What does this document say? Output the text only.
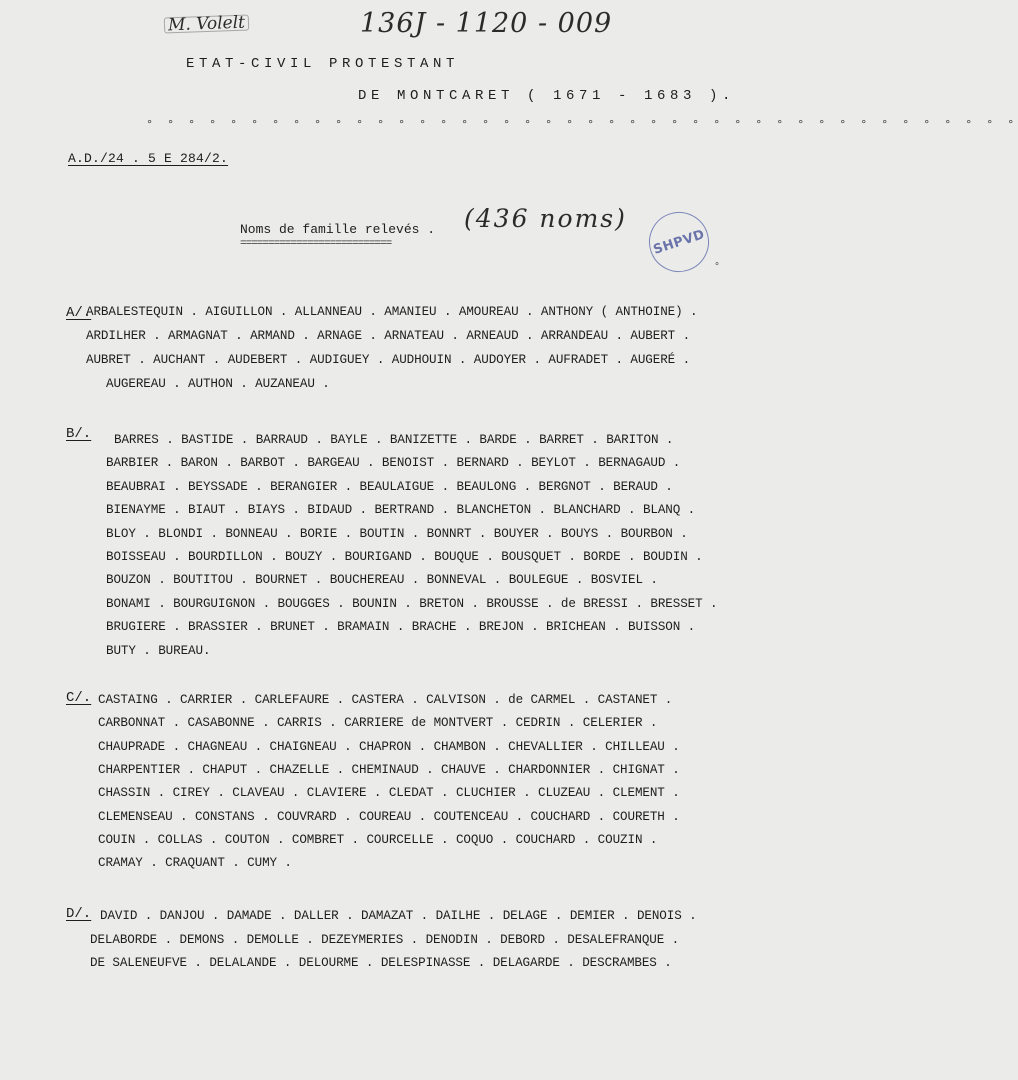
M. Volelt	136J - 1120 - 009
ETAT-CIVIL PROTESTANT
DE MONTCARET ( 1671 - 1683 ).
° ° ° ° ° ° ° ° ° ° ° ° ° ° ° ° ° ° ° ° ° ° ° ° ° ° ° ° ° ° ° ° ° ° ° ° ° ° ° ° ° °
A.D./24 . 5 E 284/2.
Noms de famille relevés .
===========================
(436 noms)
SHPVD
°
A/.
ARBALESTEQUIN . AIGUILLON . ALLANNEAU . AMANIEU . AMOUREAU . ANTHONY ( ANTHOINE) .
ARDILHER . ARMAGNAT . ARMAND . ARNAGE . ARNATEAU . ARNEAUD . ARRANDEAU . AUBERT .
AUBRET . AUCHANT . AUDEBERT . AUDIGUEY . AUDHOUIN . AUDOYER . AUFRADET . AUGERÉ .
AUGEREAU . AUTHON . AUZANEAU .
B/. BARRES . BASTIDE . BARRAUD . BAYLE . BANIZETTE . BARDE . BARRET . BARITON .
BARBIER . BARON . BARBOT . BARGEAU . BENOIST . BERNARD . BEYLOT . BERNAGAUD .
BEAUBRAI . BEYSSADE . BERANGIER . BEAULAIGUE . BEAULONG . BERGNOT . BERAUD .
BIENAYME . BIAUT . BIAYS . BIDAUD . BERTRAND . BLANCHETON . BLANCHARD . BLANQ .
BLOY . BLONDI . BONNEAU . BORIE . BOUTIN . BONNRT . BOUYER . BOUYS . BOURBON .
BOISSEAU . BOURDILLON . BOUZY . BOURIGAND . BOUQUE . BOUSQUET . BORDE . BOUDIN .
BOUZON . BOUTITOU . BOURNET . BOUCHEREAU . BONNEVAL . BOULEGUE . BOSVIEL .
BONAMI . BOURGUIGNON . BOUGGES . BOUNIN . BRETON . BROUSSE . de BRESSI . BRESSET .
BRUGIERE . BRASSIER . BRUNET . BRAMAIN . BRACHE . BREJON . BRICHEAN . BUISSON .
BUTY . BUREAU.
C/. CASTAING . CARRIER . CARLEFAURE . CASTERA . CALVISON . de CARMEL . CASTANET .
CARBONNAT . CASABONNE . CARRIS . CARRIERE de MONTVERT . CEDRIN . CELERIER .
CHAUPRADE . CHAGNEAU . CHAIGNEAU . CHAPRON . CHAMBON . CHEVALLIER . CHILLEAU .
CHARPENTIER . CHAPUT . CHAZELLE . CHEMINAUD . CHAUVE . CHARDONNIER . CHIGNAT .
CHASSIN . CIREY . CLAVEAU . CLAVIERE . CLEDAT . CLUCHIER . CLUZEAU . CLEMENT .
CLEMENSEAU . CONSTANS . COUVRARD . COUREAU . COUTENCEAU . COUCHARD . COURETH .
COUIN . COLLAS . COUTON . COMBRET . COURCELLE . COQUO . COUCHARD . COUZIN .
CRAMAY . CRAQUANT . CUMY .
D/. DAVID . DANJOU . DAMADE . DALLER . DAMAZAT . DAILHE . DELAGE . DEMIER . DENOIS .
DELABORDE . DEMONS . DEMOLLE . DEZEYMERIES . DENODIN . DEBORD . DESALEFRANQUE .
DE SALENEUFVE . DELALANDE . DELOURME . DELESPINASSE . DELAGARDE . DESCRAMBES .
